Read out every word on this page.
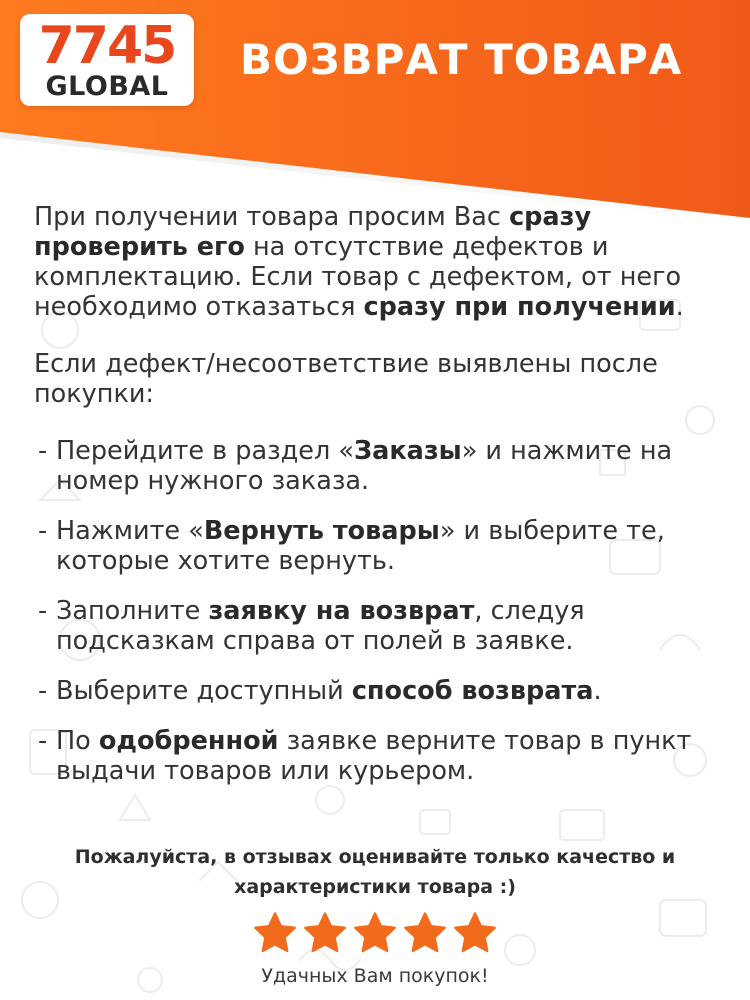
7745
GLOBAL
ВОЗВРАТ ТОВАРА

При получении товара просим Вас сразу проверить его на отсутствие дефектов и комплектацию. Если товар с дефектом, от него необходимо отказаться сразу при получении.

Если дефект/несоответствие выявлены после покупки:

- Перейдите в раздел «Заказы» и нажмите на номер нужного заказа.
- Нажмите «Вернуть товары» и выберите те, которые хотите вернуть.
- Заполните заявку на возврат, следуя подсказкам справа от полей в заявке.
- Выберите доступный способ возврата.
- По одобренной заявке верните товар в пункт выдачи товаров или курьером.
Пожалуйста, в отзывах оценивайте только качество и характеристики товара :)
Удачных Вам покупок!
